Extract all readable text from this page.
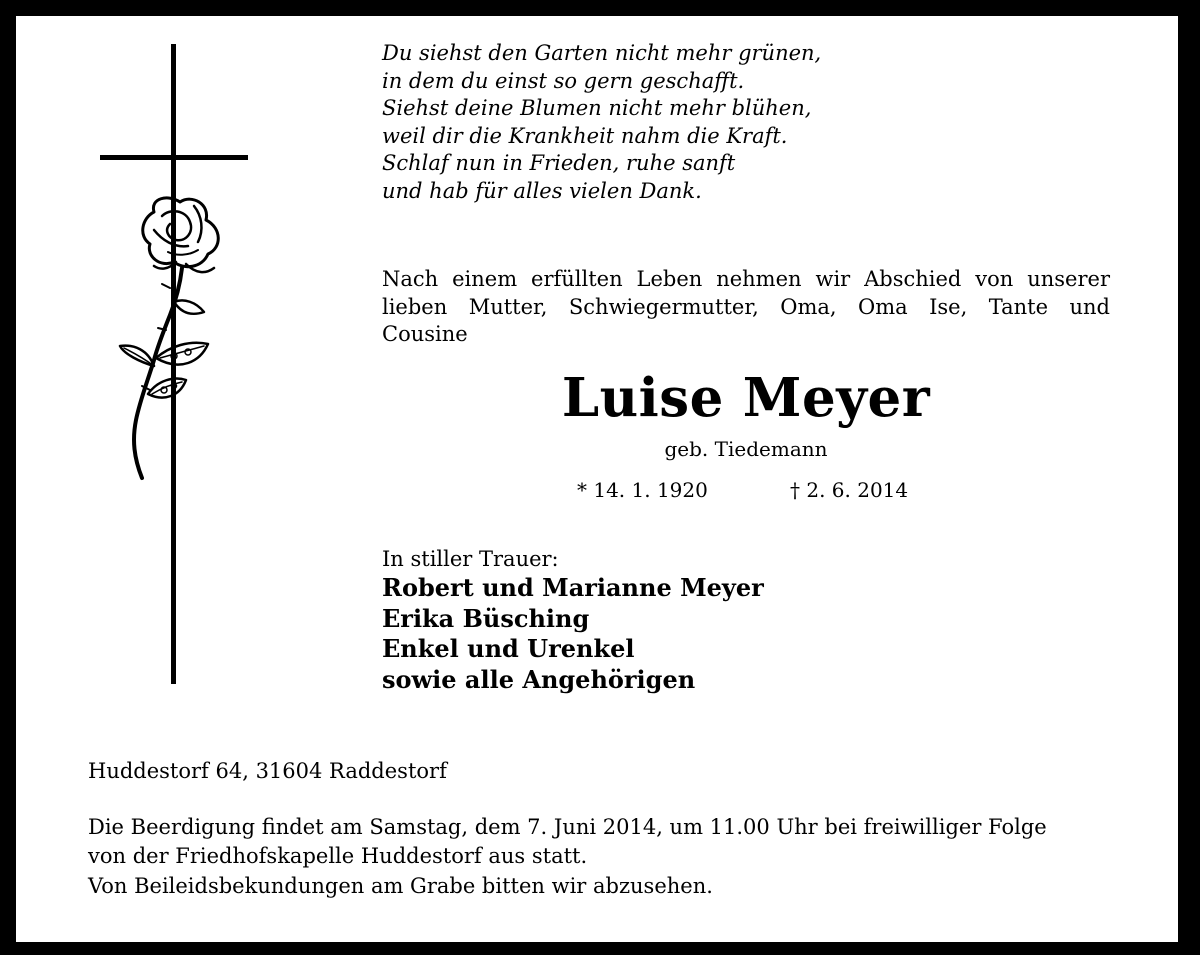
Du siehst den Garten nicht mehr grünen,
in dem du einst so gern geschafft.
Siehst deine Blumen nicht mehr blühen,
weil dir die Krankheit nahm die Kraft.
Schlaf nun in Frieden, ruhe sanft
und hab für alles vielen Dank.
Nach einem erfüllten Leben nehmen wir Abschied von unserer
lieben Mutter, Schwiegermutter, Oma, Oma Ise, Tante und
Cousine
Luise Meyer
geb. Tiedemann
* 14. 1. 1920	† 2. 6. 2014
In stiller Trauer:
Robert und Marianne Meyer
Erika Büsching
Enkel und Urenkel
sowie alle Angehörigen
Huddestorf 64, 31604 Raddestorf
Die Beerdigung findet am Samstag, dem 7. Juni 2014, um 11.00 Uhr bei freiwilliger Folge
von der Friedhofskapelle Huddestorf aus statt.
Von Beileidsbekundungen am Grabe bitten wir abzusehen.
